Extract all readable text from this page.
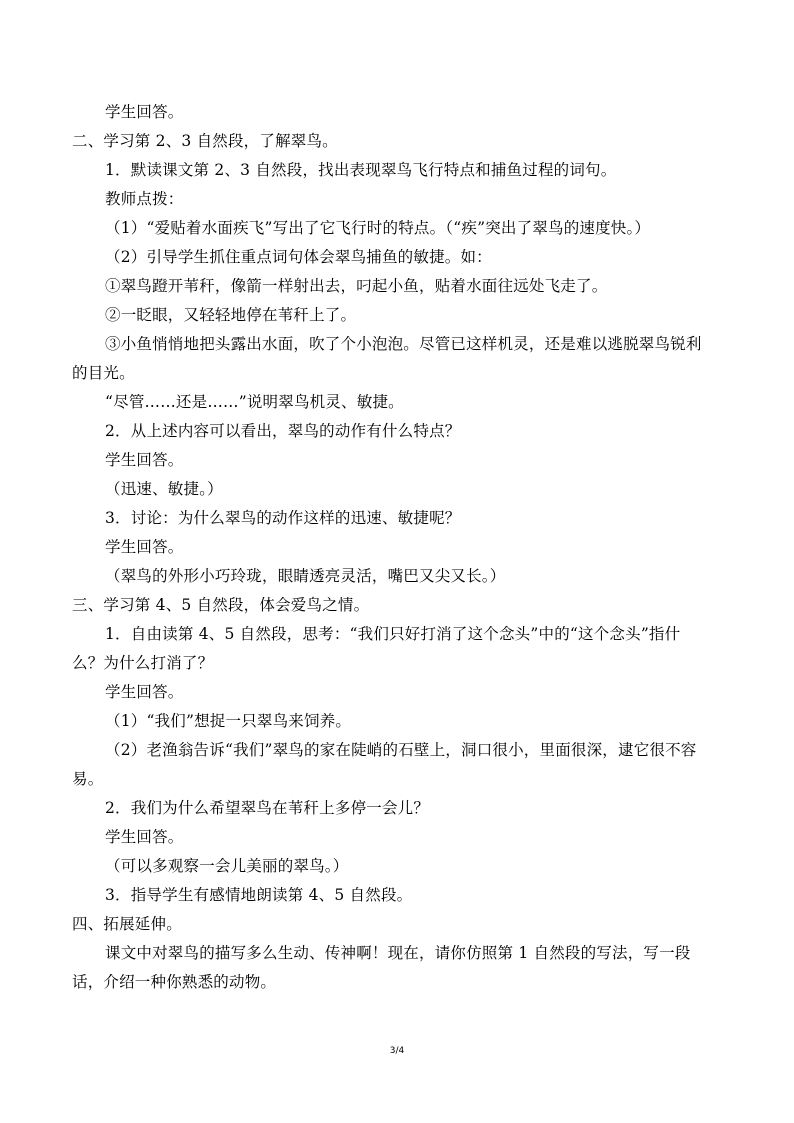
学生回答。
二、学习第 2、3 自然段，了解翠鸟。
1．默读课文第 2、3 自然段，找出表现翠鸟飞行特点和捕鱼过程的词句。
教师点拨：
（1）“爱贴着水面疾飞”写出了它飞行时的特点。（“疾”突出了翠鸟的速度快。）
（2）引导学生抓住重点词句体会翠鸟捕鱼的敏捷。如：
①翠鸟蹬开苇秆，像箭一样射出去，叼起小鱼，贴着水面往远处飞走了。
②一眨眼，又轻轻地停在苇秆上了。
③小鱼悄悄地把头露出水面，吹了个小泡泡。尽管已这样机灵，还是难以逃脱翠鸟锐利
的目光。
“尽管……还是……”说明翠鸟机灵、敏捷。
2．从上述内容可以看出，翠鸟的动作有什么特点？
学生回答。
（迅速、敏捷。）
3．讨论：为什么翠鸟的动作这样的迅速、敏捷呢？
学生回答。
（翠鸟的外形小巧玲珑，眼睛透亮灵活，嘴巴又尖又长。）
三、学习第 4、5 自然段，体会爱鸟之情。
1．自由读第 4、5 自然段，思考：“我们只好打消了这个念头”中的“这个念头”指什
么？为什么打消了？
学生回答。
（1）“我们”想捉一只翠鸟来饲养。
（2）老渔翁告诉“我们”翠鸟的家在陡峭的石壁上，洞口很小，里面很深，逮它很不容
易。
2．我们为什么希望翠鸟在苇秆上多停一会儿？
学生回答。
（可以多观察一会儿美丽的翠鸟。）
3．指导学生有感情地朗读第 4、5 自然段。
四、拓展延伸。
课文中对翠鸟的描写多么生动、传神啊！现在，请你仿照第 1 自然段的写法，写一段
话，介绍一种你熟悉的动物。
3/4
